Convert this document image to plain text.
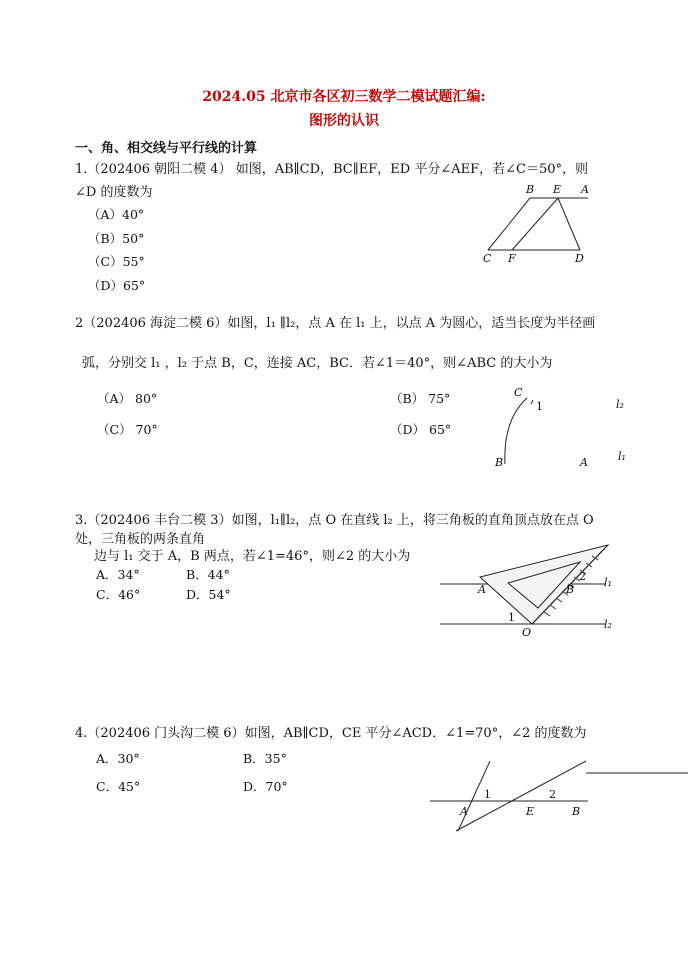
2024.05 北京市各区初三数学二模试题汇编:
图形的认识
一、角、相交线与平行线的计算
1.（202406 朝阳二模 4） 如图，AB∥CD，BC∥EF，ED 平分∠AEF，若∠C＝50°，则
∠D 的度数为
（A）40°
（B）50°
（C）55°
（D）65°
B E A
C F	D
2（202406 海淀二模 6）如图，l₁ ∥l₂，点 A 在 l₁ 上，以点 A 为圆心，适当长度为半径画
弧，分别交 l₁ ，l₂ 于点 B，C，连接 AC，BC．若∠1＝40°，则∠ABC 的大小为
（A） 80°	（B） 75°
（C） 70°	（D） 65°
C
1	l₂
B	A	l₁
3.（202406 丰台二模 3）如图，l₁∥l₂，点 O 在直线 l₂ 上，将三角板的直角顶点放在点 O
处，三角板的两条直角
边与 l₁ 交于 A，B 两点，若∠1=46°，则∠2 的大小为
A．34°	B．44°
C．46°	D．54°	A	B
2 l₁
1
O
l₂
4.（202406 门头沟二模 6）如图，AB∥CD，CE 平分∠ACD．∠1=70°，∠2 的度数为
A．30°	B．35°
C．45°	D．70°
1	2
A	E	B
